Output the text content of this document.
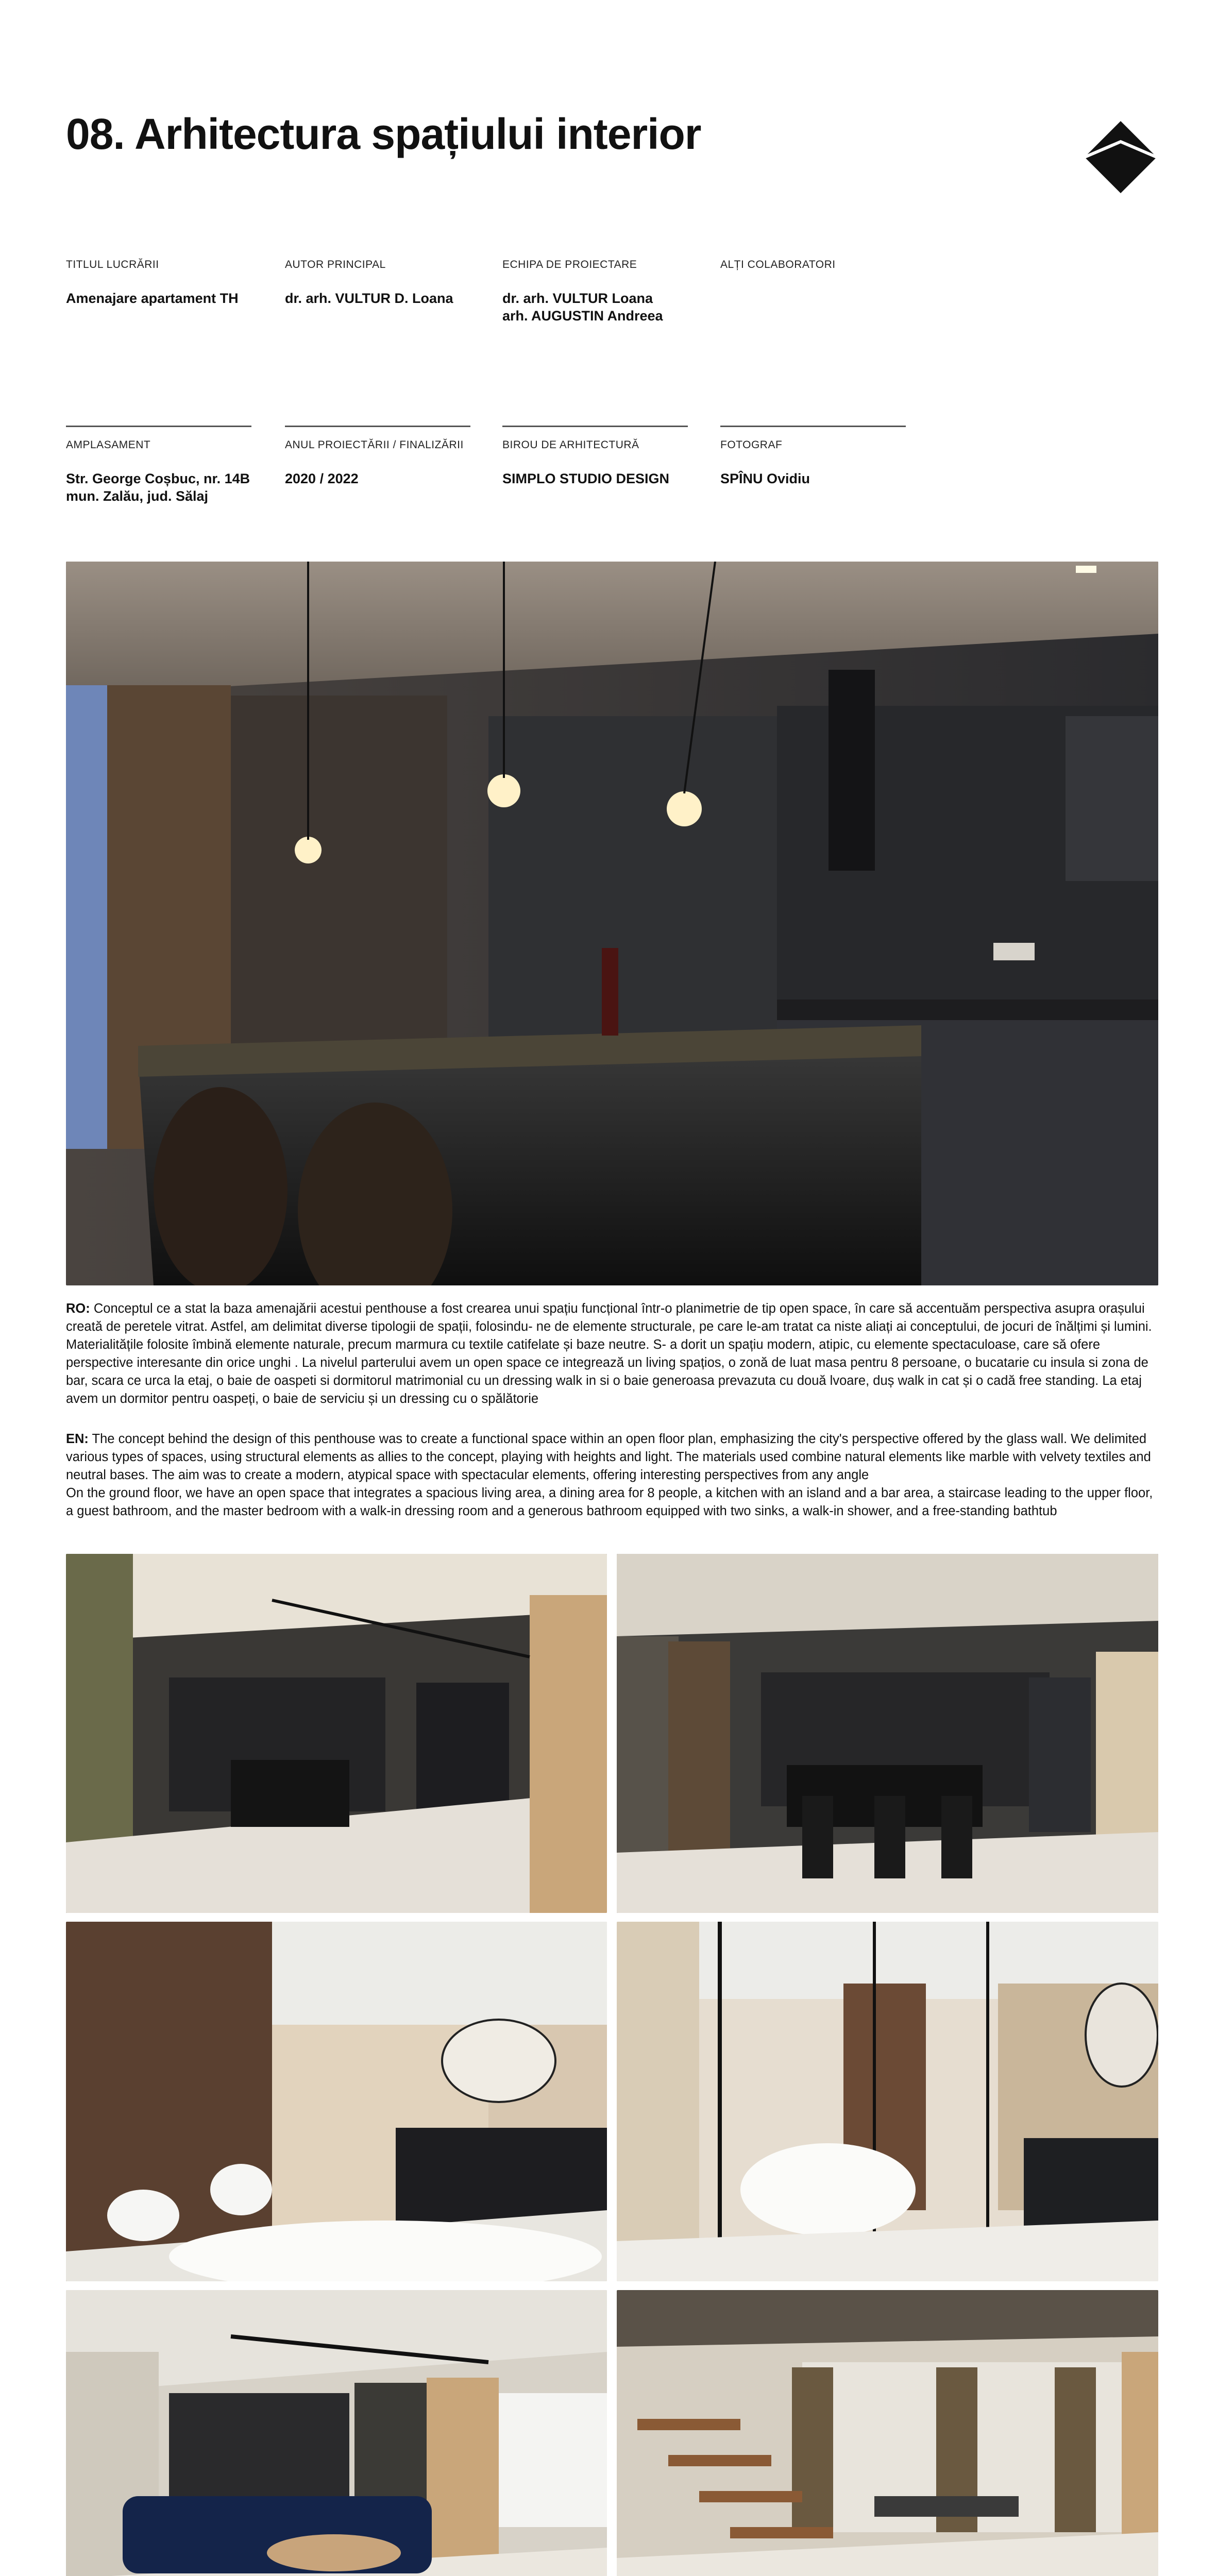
08. Arhitectura spațiului interior
TITLUL LUCRĂRII
Amenajare apartament TH
AUTOR PRINCIPAL
dr. arh. VULTUR D. Loana
ECHIPA DE PROIECTARE
dr. arh. VULTUR Loana
arh. AUGUSTIN Andreea
ALȚI COLABORATORI
AMPLASAMENT
Str. George Coșbuc, nr. 14B
mun. Zalău, jud. Sălaj
ANUL PROIECTĂRII / FINALIZĂRII
2020 / 2022
BIROU DE ARHITECTURĂ
SIMPLO STUDIO DESIGN
FOTOGRAF
SPÎNU Ovidiu
RO: Conceptul ce a stat la baza amenajării acestui penthouse a fost crearea unui spațiu funcțional într-o planimetrie de tip open space, în care să accentuăm perspectiva asupra orașului creată de peretele vitrat. Astfel, am delimitat diverse tipologii de spații, folosindu- ne de elemente structurale, pe care le-am tratat ca niste aliați ai conceptului, de jocuri de înălțimi și lumini. Materialitățile folosite îmbină elemente naturale, precum marmura cu textile catifelate și baze neutre. S- a dorit un spațiu modern, atipic, cu elemente spectaculoase, care să ofere perspective interesante din orice unghi . La nivelul parterului avem un open space ce integrează un living spațios, o zonă de luat masa pentru 8 persoane, o bucatarie cu insula si zona de bar, scara ce urca la etaj, o baie de oaspeti si dormitorul matrimonial cu un dressing walk in si o baie generoasa prevazuta cu două lvoare, duș walk in cat și o cadă free standing. La etaj avem un dormitor pentru oaspeți, o baie de serviciu și un dressing cu o spălătorie
EN: The concept behind the design of this penthouse was to create a functional space within an open floor plan, emphasizing the city's perspective offered by the glass wall. We delimited various types of spaces, using structural elements as allies to the concept, playing with heights and light. The materials used combine natural elements like marble with velvety textiles and neutral bases. The aim was to create a modern, atypical space with spectacular elements, offering interesting perspectives from any angle
On the ground floor, we have an open space that integrates a spacious living area, a dining area for 8 people, a kitchen with an island and a bar area, a staircase leading to the upper floor, a guest bathroom, and the master bedroom with a walk-in dressing room and a generous bathroom equipped with two sinks, a walk-in shower, and a free-standing bathtub
